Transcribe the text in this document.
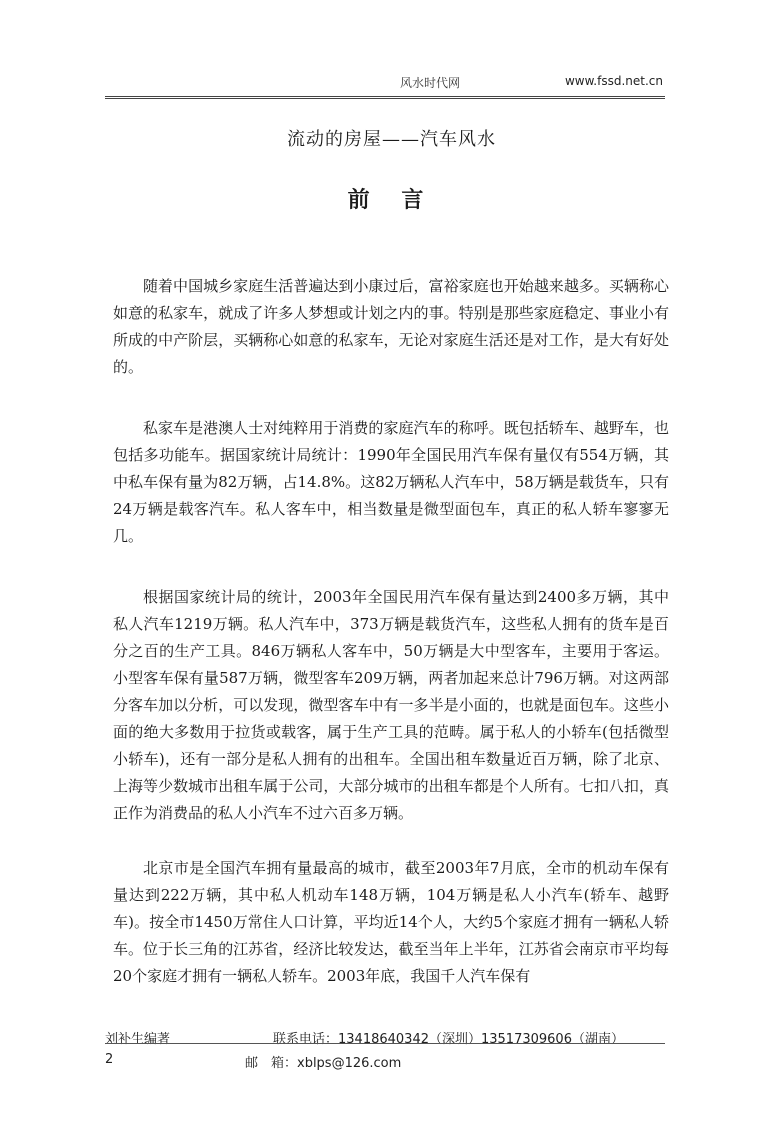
风水时代网	www.fssd.net.cn
流动的房屋——汽车风水
前 言

随着中国城乡家庭生活普遍达到小康过后，富裕家庭也开始越来越多。买辆称心如意的私家车，就成了许多人梦想或计划之内的事。特别是那些家庭稳定、事业小有所成的中产阶层，买辆称心如意的私家车，无论对家庭生活还是对工作，是大有好处的。

私家车是港澳人士对纯粹用于消费的家庭汽车的称呼。既包括轿车、越野车，也包括多功能车。据国家统计局统计：1990年全国民用汽车保有量仅有554万辆，其中私车保有量为82万辆，占14.8%。这82万辆私人汽车中，58万辆是载货车，只有24万辆是载客汽车。私人客车中，相当数量是微型面包车，真正的私人轿车寥寥无几。

根据国家统计局的统计，2003年全国民用汽车保有量达到2400多万辆，其中私人汽车1219万辆。私人汽车中，373万辆是载货汽车，这些私人拥有的货车是百分之百的生产工具。846万辆私人客车中，50万辆是大中型客车，主要用于客运。小型客车保有量587万辆，微型客车209万辆，两者加起来总计796万辆。对这两部分客车加以分析，可以发现，微型客车中有一多半是小面的，也就是面包车。这些小面的绝大多数用于拉货或载客，属于生产工具的范畴。属于私人的小轿车(包括微型小轿车)，还有一部分是私人拥有的出租车。全国出租车数量近百万辆，除了北京、上海等少数城市出租车属于公司，大部分城市的出租车都是个人所有。七扣八扣，真正作为消费品的私人小汽车不过六百多万辆。

北京市是全国汽车拥有量最高的城市，截至2003年7月底，全市的机动车保有量达到222万辆，其中私人机动车148万辆，104万辆是私人小汽车(轿车、越野车)。按全市1450万常住人口计算，平均近14个人，大约5个家庭才拥有一辆私人轿车。位于长三角的江苏省，经济比较发达，截至当年上半年，江苏省会南京市平均每20个家庭才拥有一辆私人轿车。2003年底，我国千人汽车保有

刘补生编著	联系电话：13418640342（深圳）13517309606（湖南）
2	邮　箱：xblps@126.com
